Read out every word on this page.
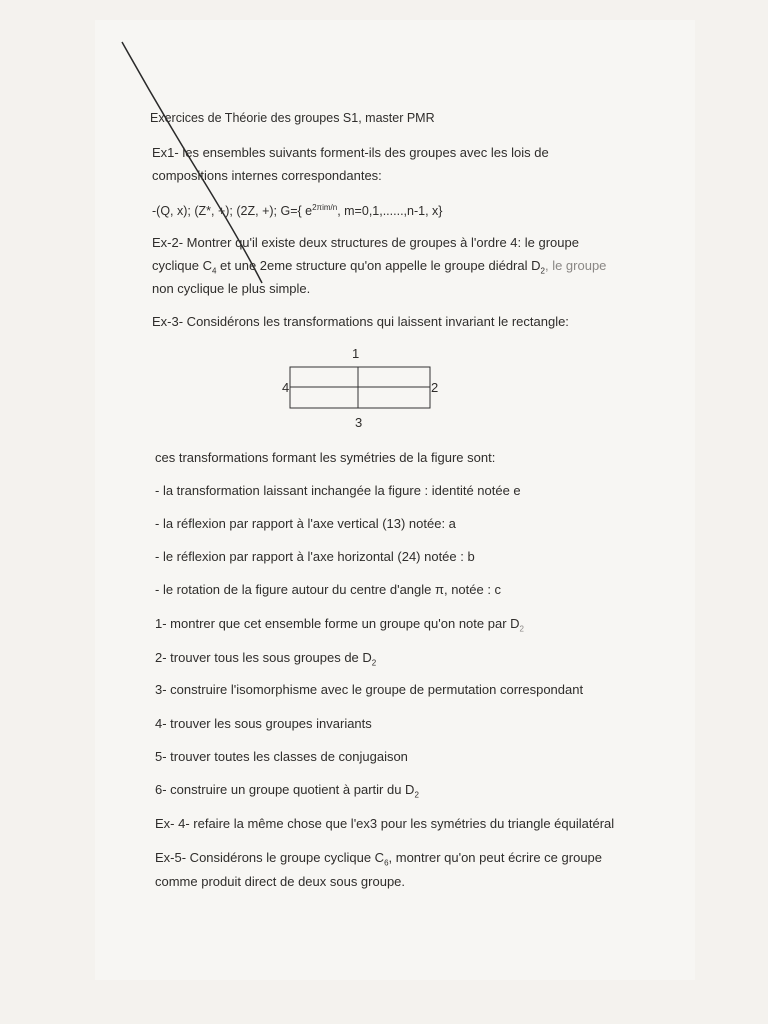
Exercices de Théorie des groupes S1, master PMR
Ex1- les ensembles suivants forment-ils des groupes avec les lois de
compositions internes correspondantes:
-(Q, x); (Z*, +); (2Z, +); G={ $e^{2\pi im/n}$, m=0,1,......,n-1, x}
Ex-2- Montrer qu'il existe deux structures de groupes à l'ordre 4: le groupe
cyclique $C_4$ et une 2eme structure qu'on appelle le groupe diédral $D_2$, le groupe
non cyclique le plus simple.
Ex-3- Considérons les transformations qui laissent invariant le rectangle:
1
2
3
4
ces transformations formant les symétries de la figure sont:
- la transformation laissant inchangée la figure : identité notée e
- la réflexion par rapport à l'axe vertical (13) notée: a
- le réflexion par rapport à l'axe horizontal (24) notée : b
- le rotation de la figure autour du centre d'angle π, notée : c
1- montrer que cet ensemble forme un groupe qu'on note par $D_2$
2- trouver tous les sous groupes de $D_2$
3- construire l'isomorphisme avec le groupe de permutation correspondant
4- trouver les sous groupes invariants
5- trouver toutes les classes de conjugaison
6- construire un groupe quotient à partir du $D_2$
Ex- 4- refaire la même chose que l'ex3 pour les symétries du triangle équilatéral
Ex-5- Considérons le groupe cyclique $C_6$, montrer qu'on peut écrire ce groupe
comme produit direct de deux sous groupe.
